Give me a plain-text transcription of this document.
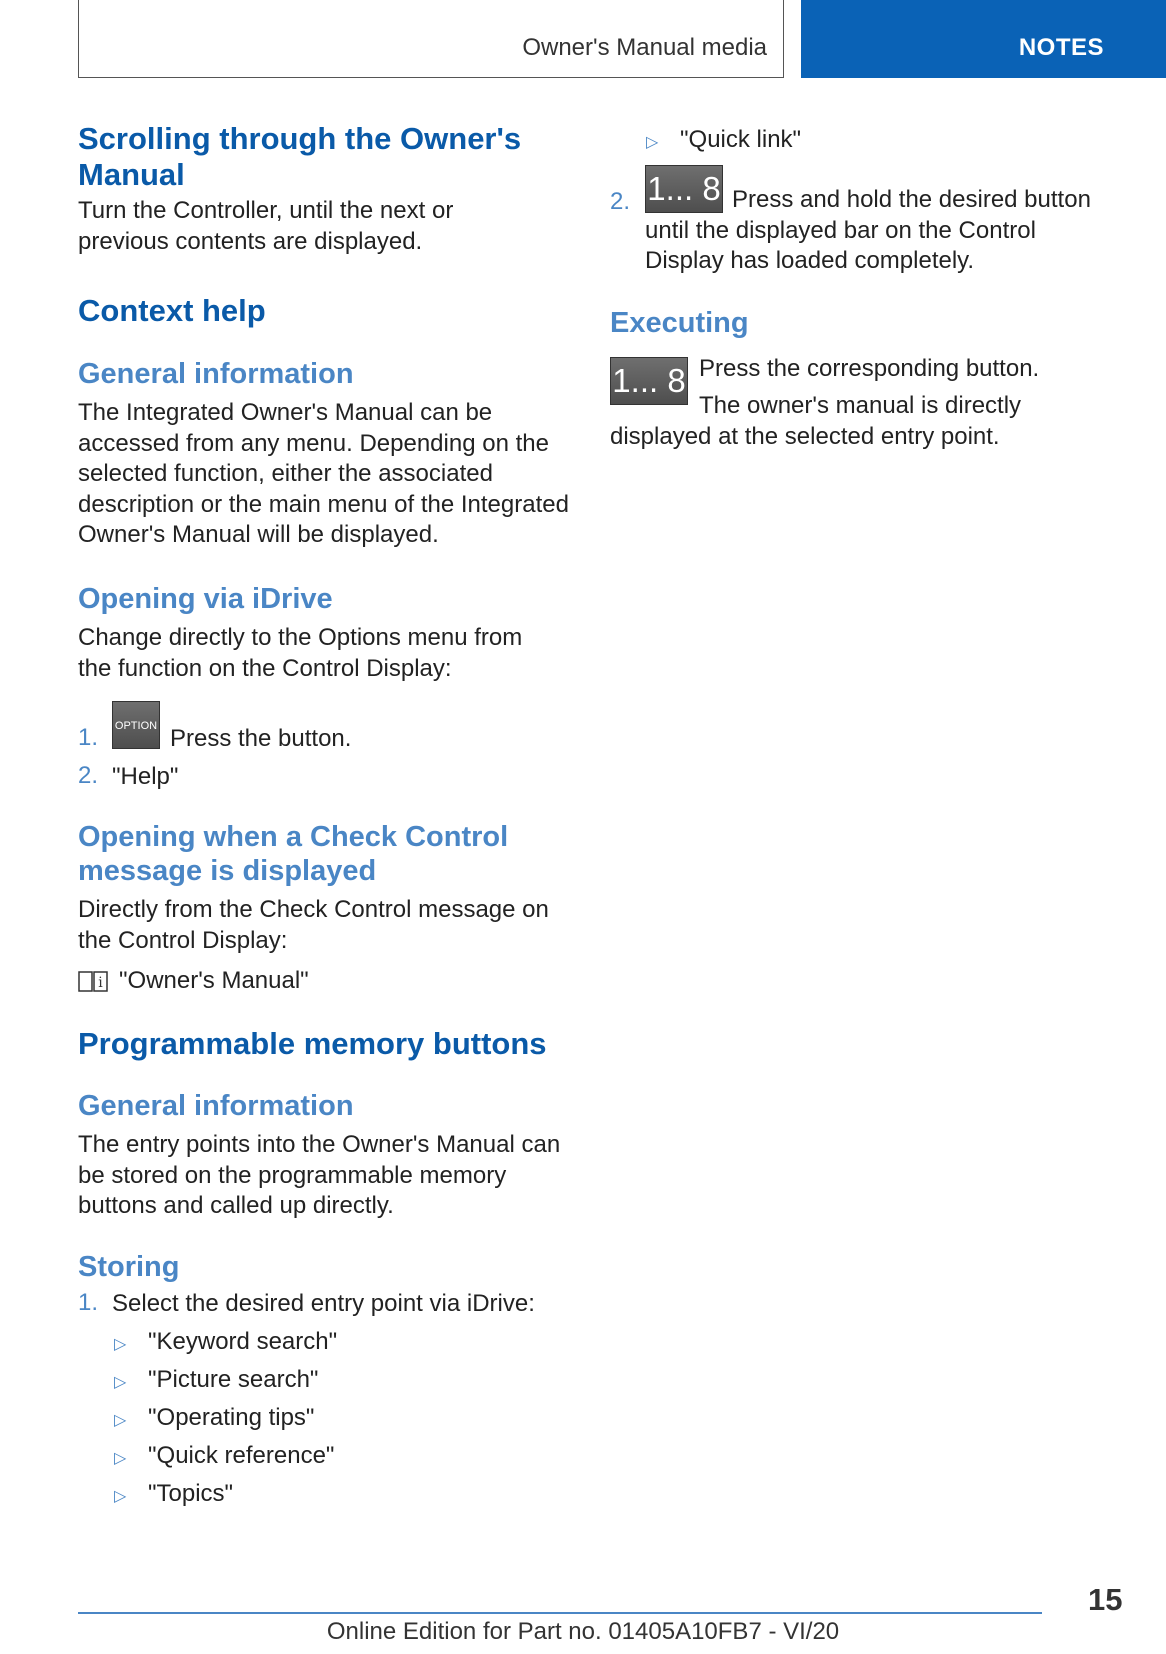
Owner's Manual media	NOTES
Scrolling through the Owner's Manual

Turn the Controller, until the next or previous contents are displayed.

Context help
General information

The Integrated Owner's Manual can be accessed from any menu. Depending on the selected function, either the associated description or the main menu of the Integrated Owner's Manual will be displayed.

Opening via iDrive

Change directly to the Options menu from the function on the Control Display:

1. OPTION Press the button.
2. "Help"
Opening when a Check Control message is displayed

Directly from the Check Control message on the Control Display:

i "Owner's Manual"
Programmable memory buttons
General information

The entry points into the Owner's Manual can be stored on the programmable memory buttons and called up directly.

Storing
1. Select the desired entry point via iDrive:
▷ "Keyword search"
▷ "Picture search"
▷ "Operating tips"
▷ "Quick reference"
▷ "Topics"
▷ "Quick link"
2. 1... 8 Press and hold the desired button until the displayed bar on the Control Display has loaded completely.

Executing
1... 8 Press the corresponding button.

The owner's manual is directly displayed at the selected entry point.

15
Online Edition for Part no. 01405A10FB7 - VI/20
